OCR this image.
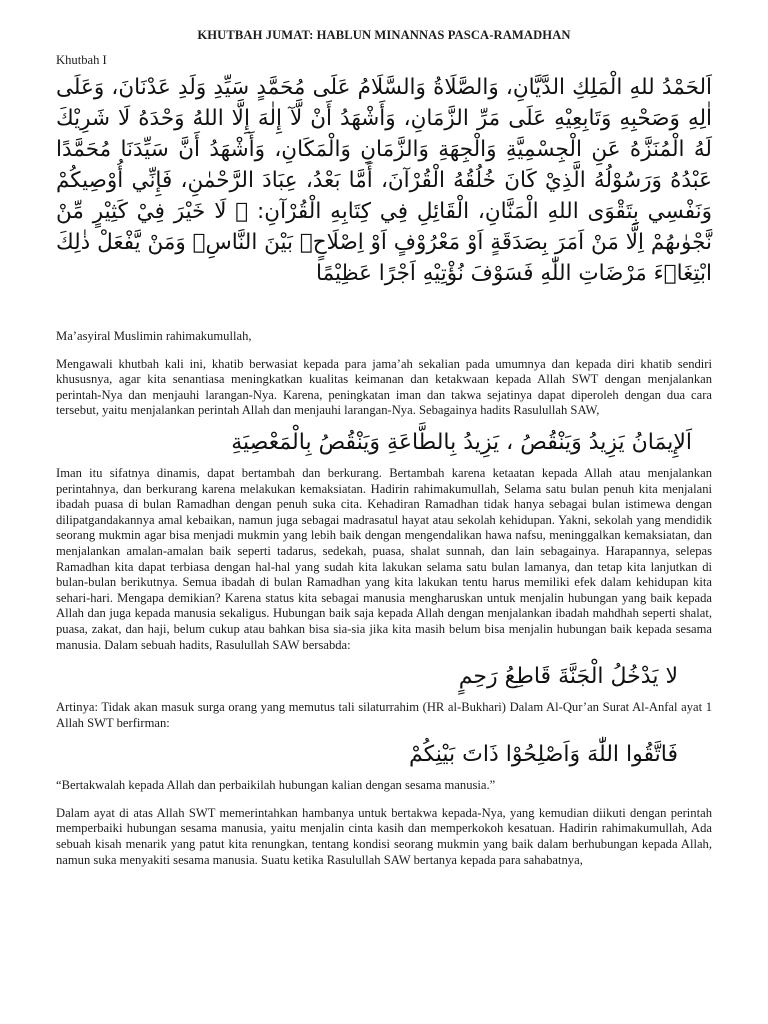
KHUTBAH JUMAT: HABLUN MINANNAS PASCA-RAMADHAN
Khutbah I
اَلحَمْدُ للهِ الْمَلِكِ الدَّيَّانِ، وَالصَّلَاةُ وَالسَّلَامُ عَلَى مُحَمَّدٍ سَيِّدِ وَلَدِ عَدْنَانَ، وَعَلَى اٰلِهِ وَصَحْبِهِ وَتَابِعِيْهِ عَلَى مَرِّ الزَّمَانِ، وَأَشْهَدُ أَنْ لَّآ إِلٰهَ إِلَّا اللهُ وَحْدَهُ لَا شَرِيْكَ لَهُ الْمُنَزَّهُ عَنِ الْجِسْمِيَّةِ وَالْجِهَةِ وَالزَّمَانِ وَالْمَكَانِ، وَأَشْهَدُ أَنَّ سَيِّدَنَا مُحَمَّدًا عَبْدُهُ وَرَسُوْلُهُ الَّذِيْ كَانَ خُلُقُهُ الْقُرْآنَ، أَمَّا بَعْدُ، عِبَادَ الرَّحْمٰنِ، فَإِنِّي أُوْصِيكُمْ وَنَفْسِي بِتَقْوَى اللهِ الْمَنَّانِ، الْقَائِلِ فِي كِتَابِهِ الْقُرْآنِ: ۞ لَا خَيْرَ فِيْ كَثِيْرٍ مِّنْ نَّجْوٰىهُمْ اِلَّا مَنْ اَمَرَ بِصَدَقَةٍ اَوْ مَعْرُوْفٍ اَوْ اِصْلَاحٍۢ بَيْنَ النَّاسِۗ وَمَنْ يَّفْعَلْ ذٰلِكَ ابْتِغَاۤءَ مَرْضَاتِ اللّٰهِ فَسَوْفَ نُؤْتِيْهِ اَجْرًا عَظِيْمًا

Ma’asyiral Muslimin rahimakumullah,

Mengawali khutbah kali ini, khatib berwasiat kepada para jama’ah sekalian pada umumnya dan kepada diri khatib sendiri khususnya, agar kita senantiasa meningkatkan kualitas keimanan dan ketakwaan kepada Allah SWT dengan menjalankan perintah-Nya dan menjauhi larangan-Nya. Karena, peningkatan iman dan takwa sejatinya dapat diperoleh dengan dua cara tersebut, yaitu menjalankan perintah Allah dan menjauhi larangan-Nya. Sebagainya hadits Rasulullah SAW,

اَلإِيمَانُ يَزِيدُ وَيَنْقُصُ ، يَزِيدُ بِالطَّاعَةِ وَيَنْقُصُ بِالْمَعْصِيَةِ

Iman itu sifatnya dinamis, dapat bertambah dan berkurang. Bertambah karena ketaatan kepada Allah atau menjalankan perintahnya, dan berkurang karena melakukan kemaksiatan. Hadirin rahimakumullah, Selama satu bulan penuh kita menjalani ibadah puasa di bulan Ramadhan dengan penuh suka cita. Kehadiran Ramadhan tidak hanya sebagai bulan istimewa dengan dilipatgandakannya amal kebaikan, namun juga sebagai madrasatul hayat atau sekolah kehidupan. Yakni, sekolah yang mendidik seorang mukmin agar bisa menjadi mukmin yang lebih baik dengan mengendalikan hawa nafsu, meninggalkan kemaksiatan, dan menjalankan amalan-amalan baik seperti tadarus, sedekah, puasa, shalat sunnah, dan lain sebagainya. Harapannya, selepas Ramadhan kita dapat terbiasa dengan hal-hal yang sudah kita lakukan selama satu bulan lamanya, dan tetap kita lanjutkan di bulan-bulan berikutnya. Semua ibadah di bulan Ramadhan yang kita lakukan tentu harus memiliki efek dalam kehidupan kita sehari-hari. Mengapa demikian? Karena status kita sebagai manusia mengharuskan untuk menjalin hubungan yang baik kepada Allah dan juga kepada manusia sekaligus. Hubungan baik saja kepada Allah dengan menjalankan ibadah mahdhah seperti shalat, puasa, zakat, dan haji, belum cukup atau bahkan bisa sia-sia jika kita masih belum bisa menjalin hubungan baik kepada sesama manusia. Dalam sebuah hadits, Rasulullah SAW bersabda:

لا يَدْخُلُ الْجَنَّةَ قَاطِعُ رَحِمٍ

Artinya: Tidak akan masuk surga orang yang memutus tali silaturrahim (HR al-Bukhari) Dalam Al-Qur’an Surat Al-Anfal ayat 1 Allah SWT berfirman:

فَاتَّقُوا اللّٰهَ وَاَصْلِحُوْا ذَاتَ بَيْنِكُمْ

“Bertakwalah kepada Allah dan perbaikilah hubungan kalian dengan sesama manusia.”

Dalam ayat di atas Allah SWT memerintahkan hambanya untuk bertakwa kepada-Nya, yang kemudian diikuti dengan perintah memperbaiki hubungan sesama manusia, yaitu menjalin cinta kasih dan memperkokoh kesatuan. Hadirin rahimakumullah, Ada sebuah kisah menarik yang patut kita renungkan, tentang kondisi seorang mukmin yang baik dalam berhubungan kepada Allah, namun suka menyakiti sesama manusia. Suatu ketika Rasulullah SAW bertanya kepada para sahabatnya,
